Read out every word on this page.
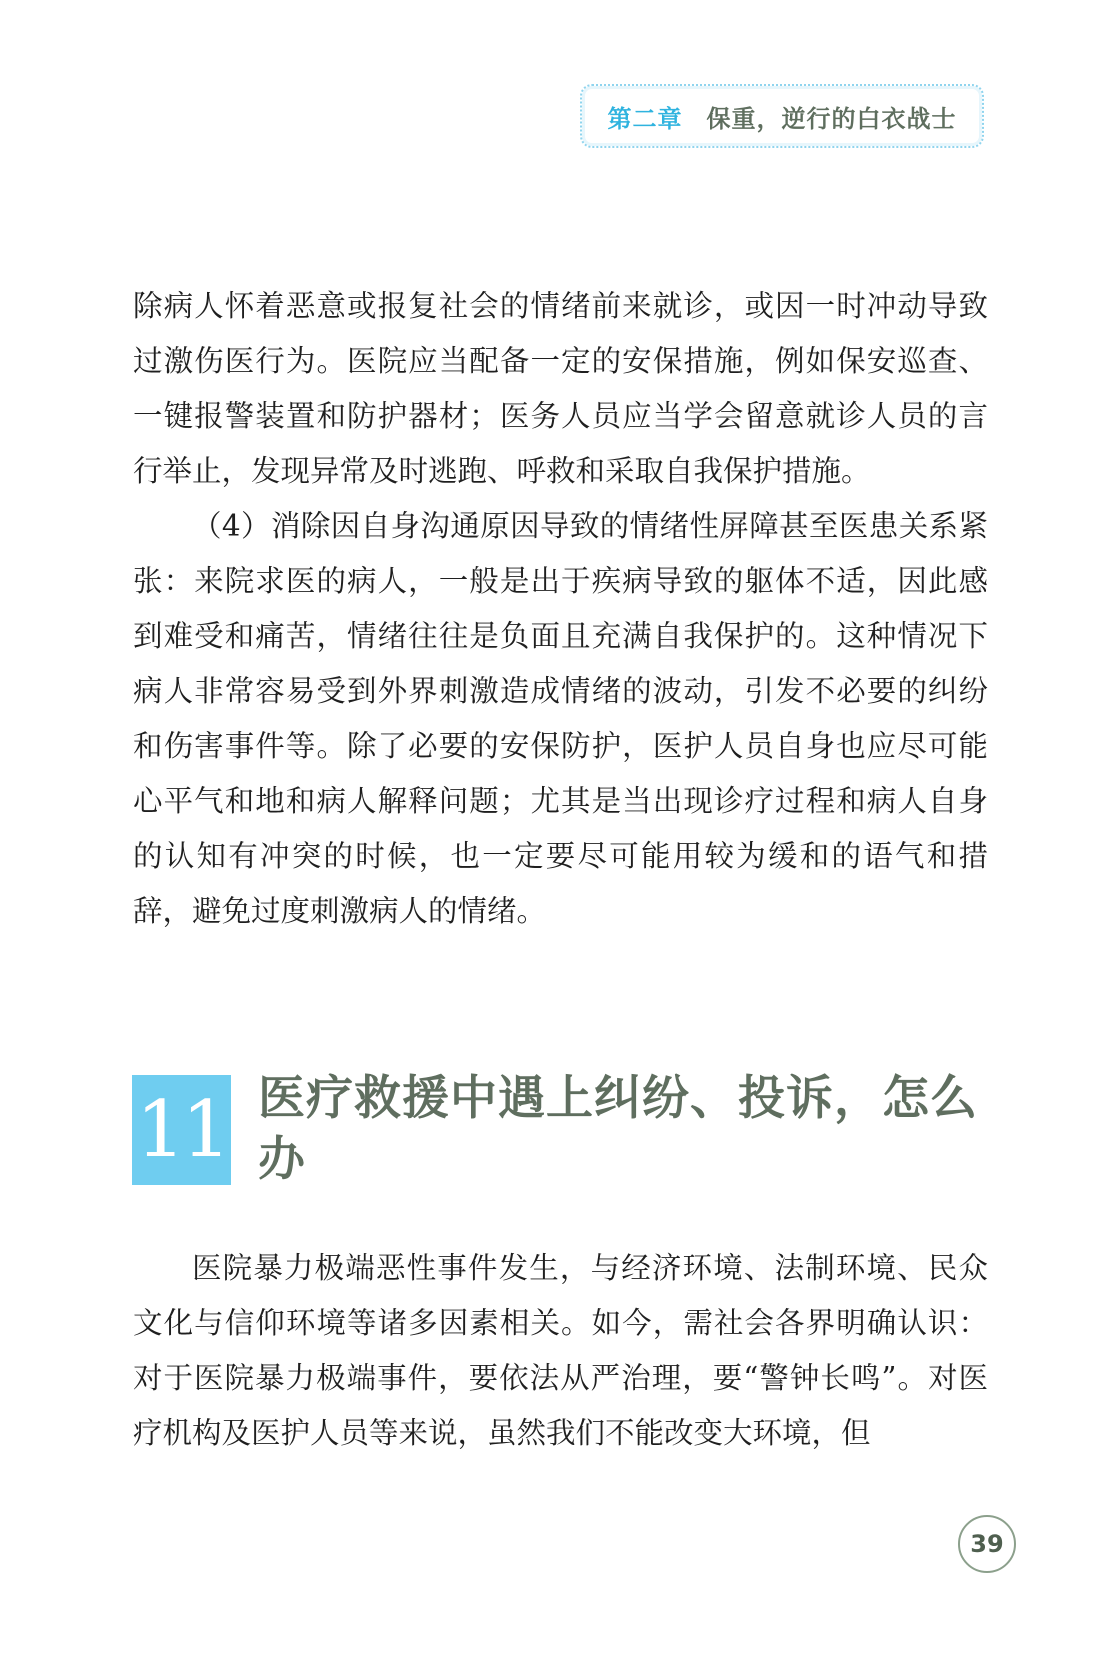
第二章 保重，逆行的白衣战士

除病人怀着恶意或报复社会的情绪前来就诊，或因一时冲动导致过激伤医行为。医院应当配备一定的安保措施，例如保安巡查、一键报警装置和防护器材；医务人员应当学会留意就诊人员的言行举止，发现异常及时逃跑、呼救和采取自我保护措施。

（4）消除因自身沟通原因导致的情绪性屏障甚至医患关系紧张：来院求医的病人，一般是出于疾病导致的躯体不适，因此感到难受和痛苦，情绪往往是负面且充满自我保护的。这种情况下病人非常容易受到外界刺激造成情绪的波动，引发不必要的纠纷和伤害事件等。除了必要的安保防护，医护人员自身也应尽可能心平气和地和病人解释问题；尤其是当出现诊疗过程和病人自身的认知有冲突的时候，也一定要尽可能用较为缓和的语气和措辞，避免过度刺激病人的情绪。

11 医疗救援中遇上纠纷、投诉，怎么办

医院暴力极端恶性事件发生，与经济环境、法制环境、民众文化与信仰环境等诸多因素相关。如今，需社会各界明确认识：对于医院暴力极端事件，要依法从严治理，要“警钟长鸣”。对医疗机构及医护人员等来说，虽然我们不能改变大环境，但

39
